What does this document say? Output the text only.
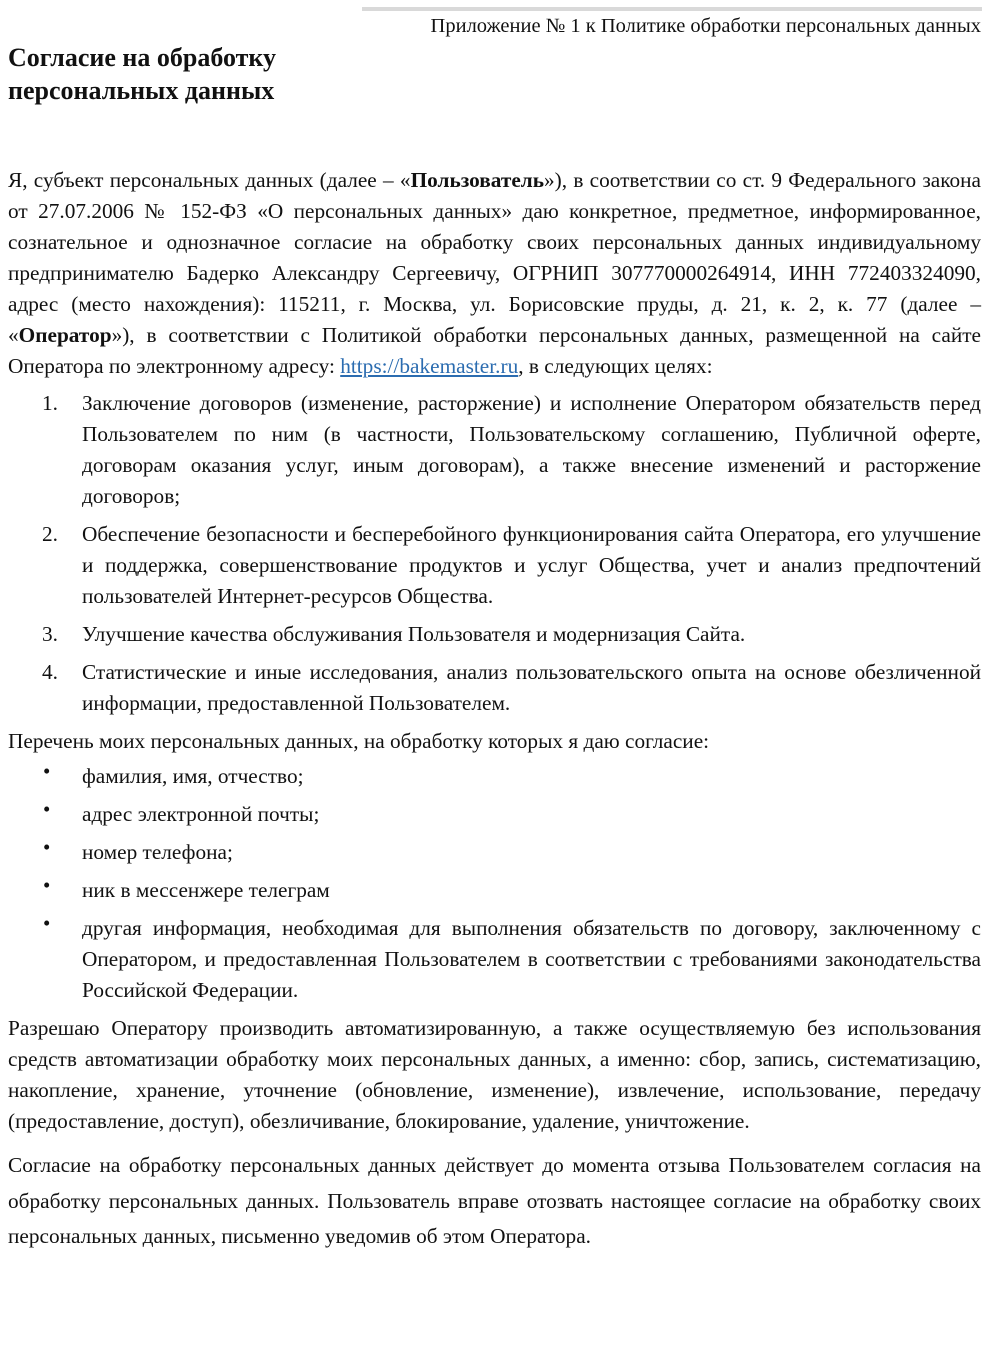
Приложение № 1 к Политике обработки персональных данных
Согласие на обработку
персональных данных

Я, субъект персональных данных (далее – «Пользователь»), в соответствии со ст. 9 Федерального закона от 27.07.2006 № 152-ФЗ «О персональных данных» даю конкретное, предметное, информированное, сознательное и однозначное согласие на обработку своих персональных данных индивидуальному предпринимателю Бадерко Александру Сергеевичу, ОГРНИП 307770000264914, ИНН 772403324090, адрес (место нахождения): 115211, г. Москва, ул. Борисовские пруды, д. 21, к. 2, к. 77 (далее – «Оператор»), в соответствии с Политикой обработки персональных данных, размещенной на сайте Оператора по электронному адресу: https://bakemaster.ru, в следующих целях:

1. Заключение договоров (изменение, расторжение) и исполнение Оператором обязательств перед Пользователем по ним (в частности, Пользовательскому соглашению, Публичной оферте, договорам оказания услуг, иным договорам), а также внесение изменений и расторжение договоров;
2. Обеспечение безопасности и бесперебойного функционирования сайта Оператора, его улучшение и поддержка, совершенствование продуктов и услуг Общества, учет и анализ предпочтений пользователей Интернет-ресурсов Общества.
3. Улучшение качества обслуживания Пользователя и модернизация Сайта.
4. Статистические и иные исследования, анализ пользовательского опыта на основе обезличенной информации, предоставленной Пользователем.

Перечень моих персональных данных, на обработку которых я даю согласие:

• фамилия, имя, отчество;
• адрес электронной почты;
• номер телефона;
• ник в мессенжере телеграм
• другая информация, необходимая для выполнения обязательств по договору, заключенному с Оператором, и предоставленная Пользователем в соответствии с требованиями законодательства Российской Федерации.

Разрешаю Оператору производить автоматизированную, а также осуществляемую без использования средств автоматизации обработку моих персональных данных, а именно: сбор, запись, систематизацию, накопление, хранение, уточнение (обновление, изменение), извлечение, использование, передачу (предоставление, доступ), обезличивание, блокирование, удаление, уничтожение.

Согласие на обработку персональных данных действует до момента отзыва Пользователем согласия на обработку персональных данных. Пользователь вправе отозвать настоящее согласие на обработку своих персональных данных, письменно уведомив об этом Оператора.
